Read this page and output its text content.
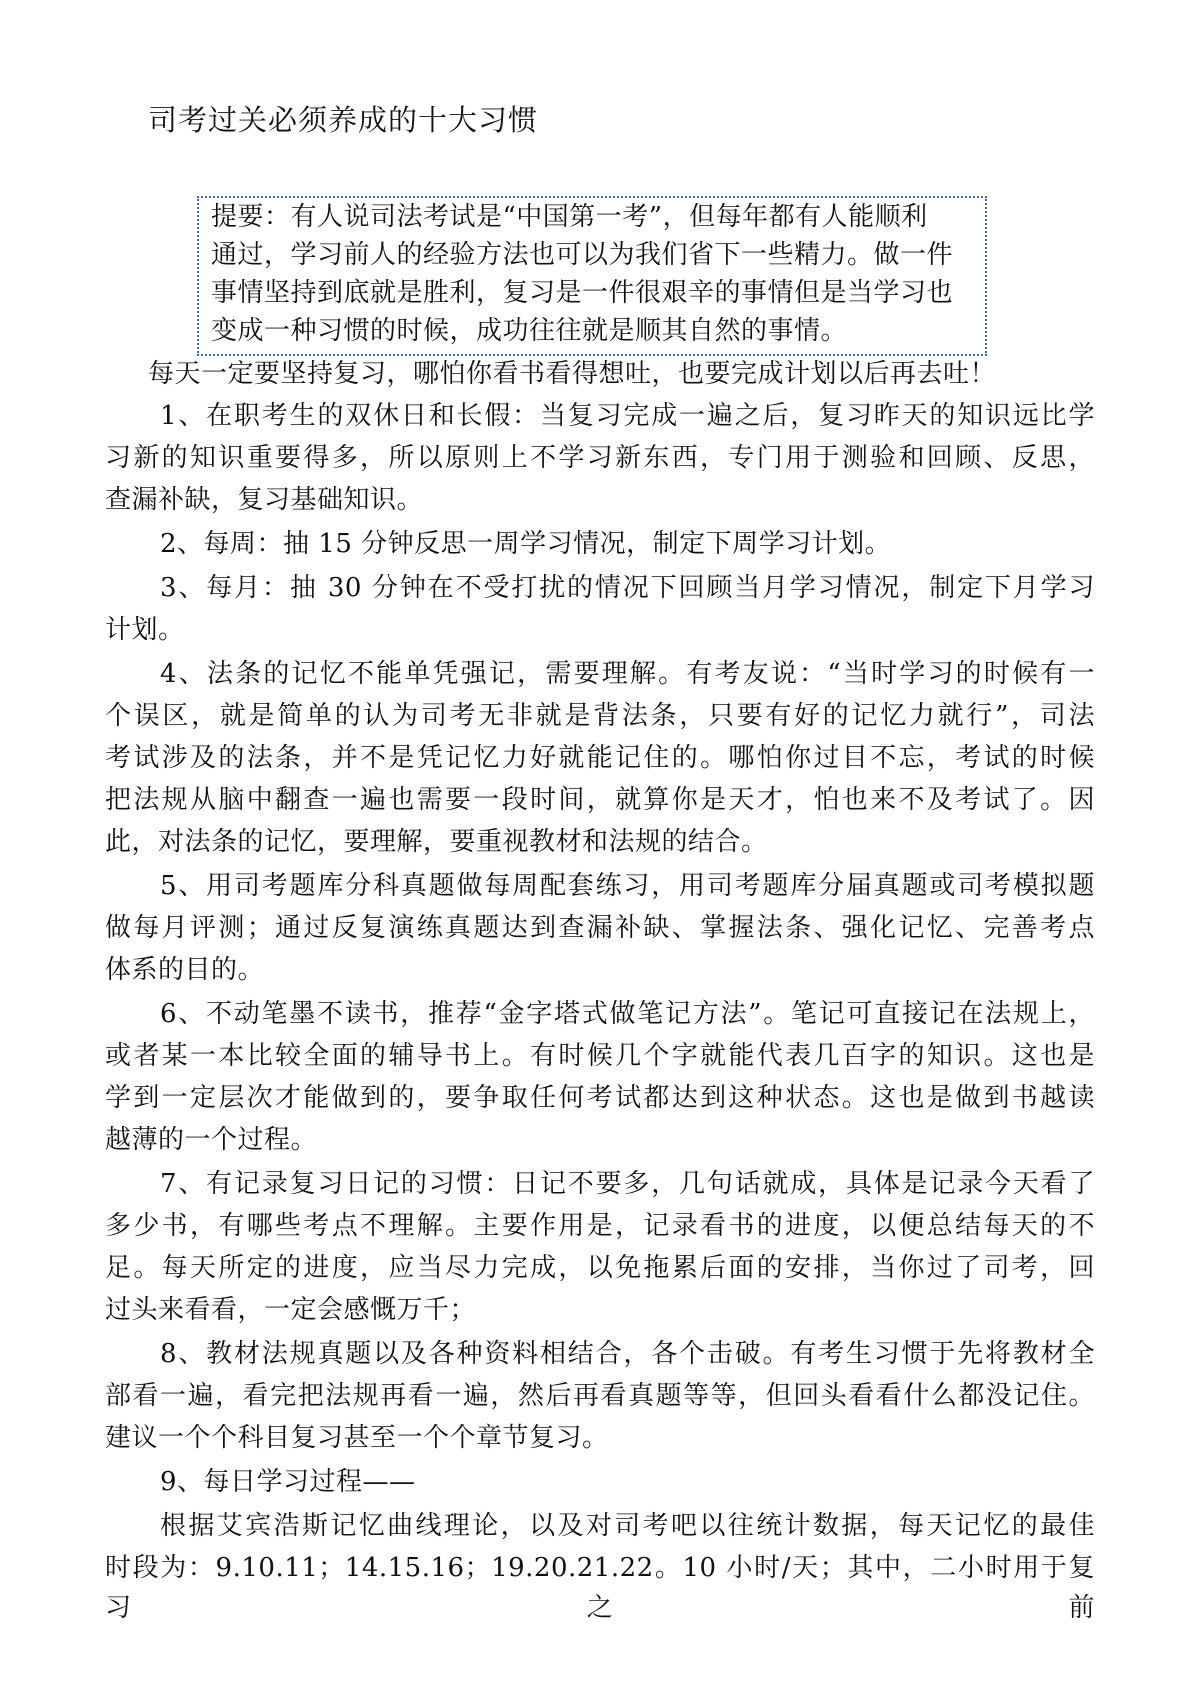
司考过关必须养成的十大习惯
提要：有人说司法考试是“中国第一考”，但每年都有人能顺利
通过，学习前人的经验方法也可以为我们省下一些精力。做一件
事情坚持到底就是胜利，复习是一件很艰辛的事情但是当学习也
变成一种习惯的时候，成功往往就是顺其自然的事情。
每天一定要坚持复习，哪怕你看书看得想吐，也要完成计划以后再去吐！
1、在职考生的双休日和长假：当复习完成一遍之后，复习昨天的知识远比学
习新的知识重要得多，所以原则上不学习新东西，专门用于测验和回顾、反思，
查漏补缺，复习基础知识。
2、每周：抽 15 分钟反思一周学习情况，制定下周学习计划。
3、每月：抽 30 分钟在不受打扰的情况下回顾当月学习情况，制定下月学习
计划。
4、法条的记忆不能单凭强记，需要理解。有考友说：“当时学习的时候有一
个误区，就是简单的认为司考无非就是背法条，只要有好的记忆力就行”，司法
考试涉及的法条，并不是凭记忆力好就能记住的。哪怕你过目不忘，考试的时候
把法规从脑中翻查一遍也需要一段时间，就算你是天才，怕也来不及考试了。因
此，对法条的记忆，要理解，要重视教材和法规的结合。
5、用司考题库分科真题做每周配套练习，用司考题库分届真题或司考模拟题
做每月评测；通过反复演练真题达到查漏补缺、掌握法条、强化记忆、完善考点
体系的目的。
6、不动笔墨不读书，推荐“金字塔式做笔记方法”。笔记可直接记在法规上，
或者某一本比较全面的辅导书上。有时候几个字就能代表几百字的知识。这也是
学到一定层次才能做到的，要争取任何考试都达到这种状态。这也是做到书越读
越薄的一个过程。
7、有记录复习日记的习惯：日记不要多，几句话就成，具体是记录今天看了
多少书，有哪些考点不理解。主要作用是，记录看书的进度，以便总结每天的不
足。每天所定的进度，应当尽力完成，以免拖累后面的安排，当你过了司考，回
过头来看看，一定会感慨万千；
8、教材法规真题以及各种资料相结合，各个击破。有考生习惯于先将教材全
部看一遍，看完把法规再看一遍，然后再看真题等等，但回头看看什么都没记住。
建议一个个科目复习甚至一个个章节复习。
9、每日学习过程——
根据艾宾浩斯记忆曲线理论，以及对司考吧以往统计数据，每天记忆的最佳
时段为：9.10.11；14.15.16；19.20.21.22。10 小时/天；其中，二小时用于复习之前
